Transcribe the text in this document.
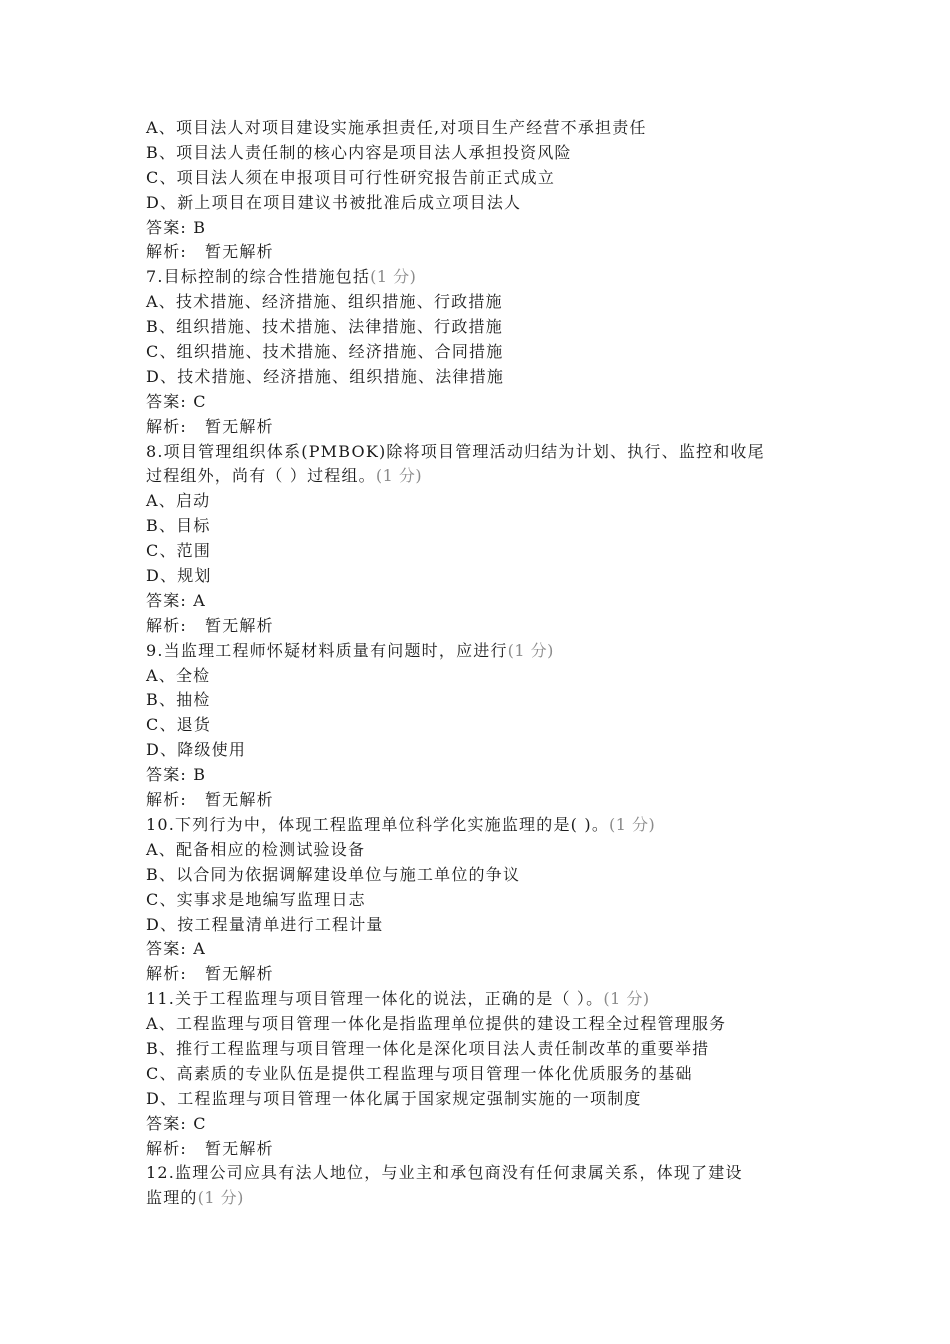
A、项目法人对项目建设实施承担责任,对项目生产经营不承担责任
B、项目法人责任制的核心内容是项目法人承担投资风险
C、项目法人须在申报项目可行性研究报告前正式成立
D、新上项目在项目建议书被批准后成立项目法人
答案: B
解析: 暂无解析
7.目标控制的综合性措施包括(1 分)
A、技术措施、经济措施、组织措施、行政措施
B、组织措施、技术措施、法律措施、行政措施
C、组织措施、技术措施、经济措施、合同措施
D、技术措施、经济措施、组织措施、法律措施
答案: C
解析: 暂无解析
8.项目管理组织体系(PMBOK)除将项目管理活动归结为计划、执行、监控和收尾
过程组外，尚有（ ）过程组。(1 分)
A、启动
B、目标
C、范围
D、规划
答案: A
解析: 暂无解析
9.当监理工程师怀疑材料质量有问题时，应进行(1 分)
A、全检
B、抽检
C、退货
D、降级使用
答案: B
解析: 暂无解析
10.下列行为中，体现工程监理单位科学化实施监理的是( )。(1 分)
A、配备相应的检测试验设备
B、以合同为依据调解建设单位与施工单位的争议
C、实事求是地编写监理日志
D、按工程量清单进行工程计量
答案: A
解析: 暂无解析
11.关于工程监理与项目管理一体化的说法，正确的是（ ）。(1 分)
A、工程监理与项目管理一体化是指监理单位提供的建设工程全过程管理服务
B、推行工程监理与项目管理一体化是深化项目法人责任制改革的重要举措
C、高素质的专业队伍是提供工程监理与项目管理一体化优质服务的基础
D、工程监理与项目管理一体化属于国家规定强制实施的一项制度
答案: C
解析: 暂无解析
12.监理公司应具有法人地位，与业主和承包商没有任何隶属关系，体现了建设
监理的(1 分)
